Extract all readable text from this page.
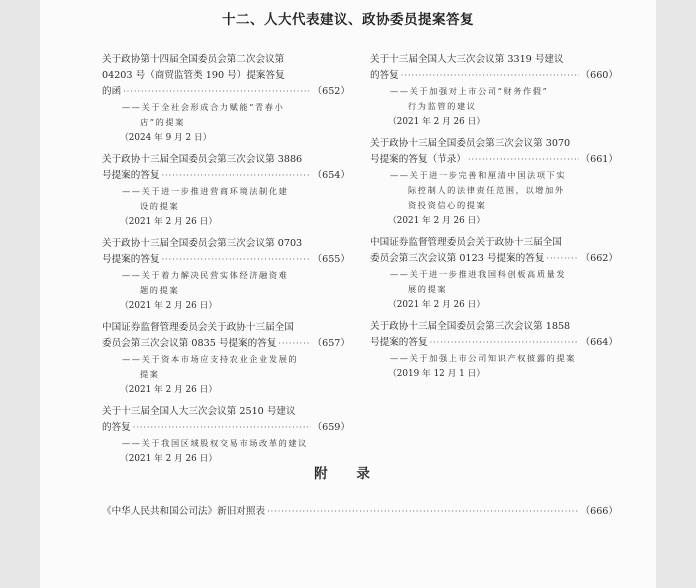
十二、人大代表建议、政协委员提案答复
关于政协第十四届全国委员会第二次会议第
04203 号（商贸监管类 190 号）提案答复
的函 ·····	（652）
——关于全社会形成合力赋能“青春小
店”的提案
（2024 年 9 月 2 日）
关于政协十三届全国委员会第三次会议第 3886
号提案的答复 ·····	（654）
——关于进一步推进营商环境法制化建
设的提案
（2021 年 2 月 26 日）
关于政协十三届全国委员会第三次会议第 0703
号提案的答复 ·····	（655）
——关于着力解决民营实体经济融资难
题的提案
（2021 年 2 月 26 日）
中国证券监督管理委员会关于政协十三届全国
委员会第三次会议第 0835 号提案的答复 ·····	（657）
——关于资本市场应支持农业企业发展的
提案
（2021 年 2 月 26 日）
关于十三届全国人大三次会议第 2510 号建议
的答复 ·····	（659）
——关于我国区域股权交易市场改革的建议
（2021 年 2 月 26 日）
关于十三届全国人大三次会议第 3319 号建议
的答复 ·····	（660）
——关于加强对上市公司“财务作假”
行为监管的建议
（2021 年 2 月 26 日）
关于政协十三届全国委员会第三次会议第 3070
号提案的答复（节录） ·····	（661）
——关于进一步完善和厘清中国法项下实
际控制人的法律责任范围，以增加外
资投资信心的提案
（2021 年 2 月 26 日）
中国证券监督管理委员会关于政协十三届全国
委员会第三次会议第 0123 号提案的答复 ·····	（662）
——关于进一步推进我国科创板高质量发
展的提案
（2021 年 2 月 26 日）
关于政协十三届全国委员会第三次会议第 1858
号提案的答复 ·····	（664）
——关于加强上市公司知识产权披露的提案
（2019 年 12 月 1 日）
附 录
《中华人民共和国公司法》新旧对照表 ·····	（666）
